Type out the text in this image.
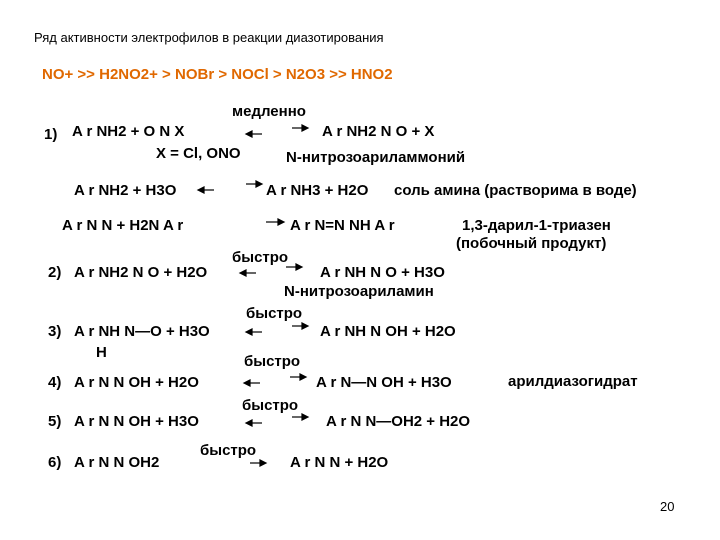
Ряд активности электрофилов в реакции диазотирования
NO+ >> H2NO2+ > NOBr > NOCl > N2O3 >> HNO2
1) A r NH2 + O N X
медленно
X = Cl, ONO
A r NH2 N O + X
N-нитрозоариламмоний
A r NH2 + H3O	A r NH3 + H2O соль амина (растворима в воде)
A r N N + H2N A r	A r N=N NH A r	1,3-дарил-1-триазен
(побочный продукт)
2) A r NH2 N O + H2O
быстро
A r NH N O + H3O
N-нитрозоариламин
3) A r NH N—O + H3O
H
быстро
A r NH N OH + H2O
4) A r N N OH + H2O
быстро
A r N—N OH + H3O	арилдиазогидрат
5) A r N N OH + H3O
быстро
A r N N—OH2 + H2O
6) A r N N OH2
быстро
A r N N + H2O
20
